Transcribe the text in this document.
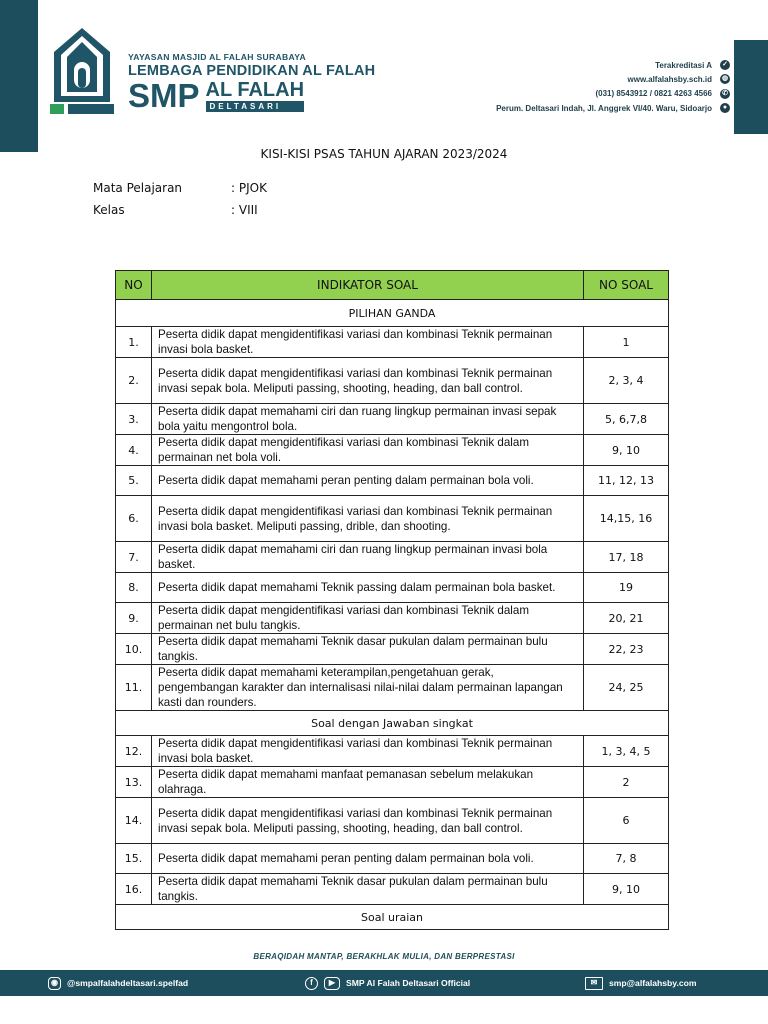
YAYASAN MASJID AL FALAH SURABAYA
LEMBAGA PENDIDIKAN AL FALAH
SMP AL FALAH
DELTASARI
Terakreditasi A ✓
www.alfalahsby.sch.id ◍
(031) 8543912 / 0821 4263 4566 ✆
Perum. Deltasari Indah, Jl. Anggrek VI/40. Waru, Sidoarjo	●
KISI-KISI PSAS TAHUN AJARAN 2023/2024
Mata Pelajaran	: PJOK
Kelas	: VIII
NO	INDIKATOR SOAL	NO SOAL
PILIHAN GANDA		
1.	Peserta didik dapat mengidentifikasi variasi dan kombinasi Teknik permainan invasi bola basket.	1
2.	Peserta didik dapat mengidentifikasi variasi dan kombinasi Teknik permainan invasi sepak bola. Meliputi passing, shooting, heading, dan ball control.	2, 3, 4
3.	Peserta didik dapat memahami ciri dan ruang lingkup permainan invasi sepak bola yaitu mengontrol bola.	5, 6,7,8
4.	Peserta didik dapat mengidentifikasi variasi dan kombinasi Teknik dalam permainan net bola voli.	9, 10
5.	Peserta didik dapat memahami peran penting dalam permainan bola voli.	11, 12, 13
6.	Peserta didik dapat mengidentifikasi variasi dan kombinasi Teknik permainan invasi bola basket. Meliputi passing, drible, dan shooting.	14,15, 16
7.	Peserta didik dapat memahami ciri dan ruang lingkup permainan invasi bola basket.	17, 18
8.	Peserta didik dapat memahami Teknik passing dalam permainan bola basket.	19
9.	Peserta didik dapat mengidentifikasi variasi dan kombinasi Teknik dalam permainan net bulu tangkis.	20, 21
10.	Peserta didik dapat memahami Teknik dasar pukulan dalam permainan bulu tangkis.	22, 23
11.	Peserta didik dapat memahami keterampilan,pengetahuan gerak, pengembangan karakter dan internalisasi nilai-nilai dalam permainan lapangan kasti dan rounders.	24, 25
Soal dengan Jawaban singkat		
12.	Peserta didik dapat mengidentifikasi variasi dan kombinasi Teknik permainan invasi bola basket.	1, 3, 4, 5
13.	Peserta didik dapat memahami manfaat pemanasan sebelum melakukan olahraga.	2
14.	Peserta didik dapat mengidentifikasi variasi dan kombinasi Teknik permainan invasi sepak bola. Meliputi passing, shooting, heading, dan ball control.	6
15.	Peserta didik dapat memahami peran penting dalam permainan bola voli.	7, 8
16.	Peserta didik dapat memahami Teknik dasar pukulan dalam permainan bulu tangkis.	9, 10
Soal uraian		
BERAQIDAH MANTAP, BERAKHLAK MULIA, DAN BERPRESTASI
◉	@smpalfalahdeltasari.spelfad	f	▶	SMP Al Falah Deltasari Official	✉	smp@alfalahsby.com
